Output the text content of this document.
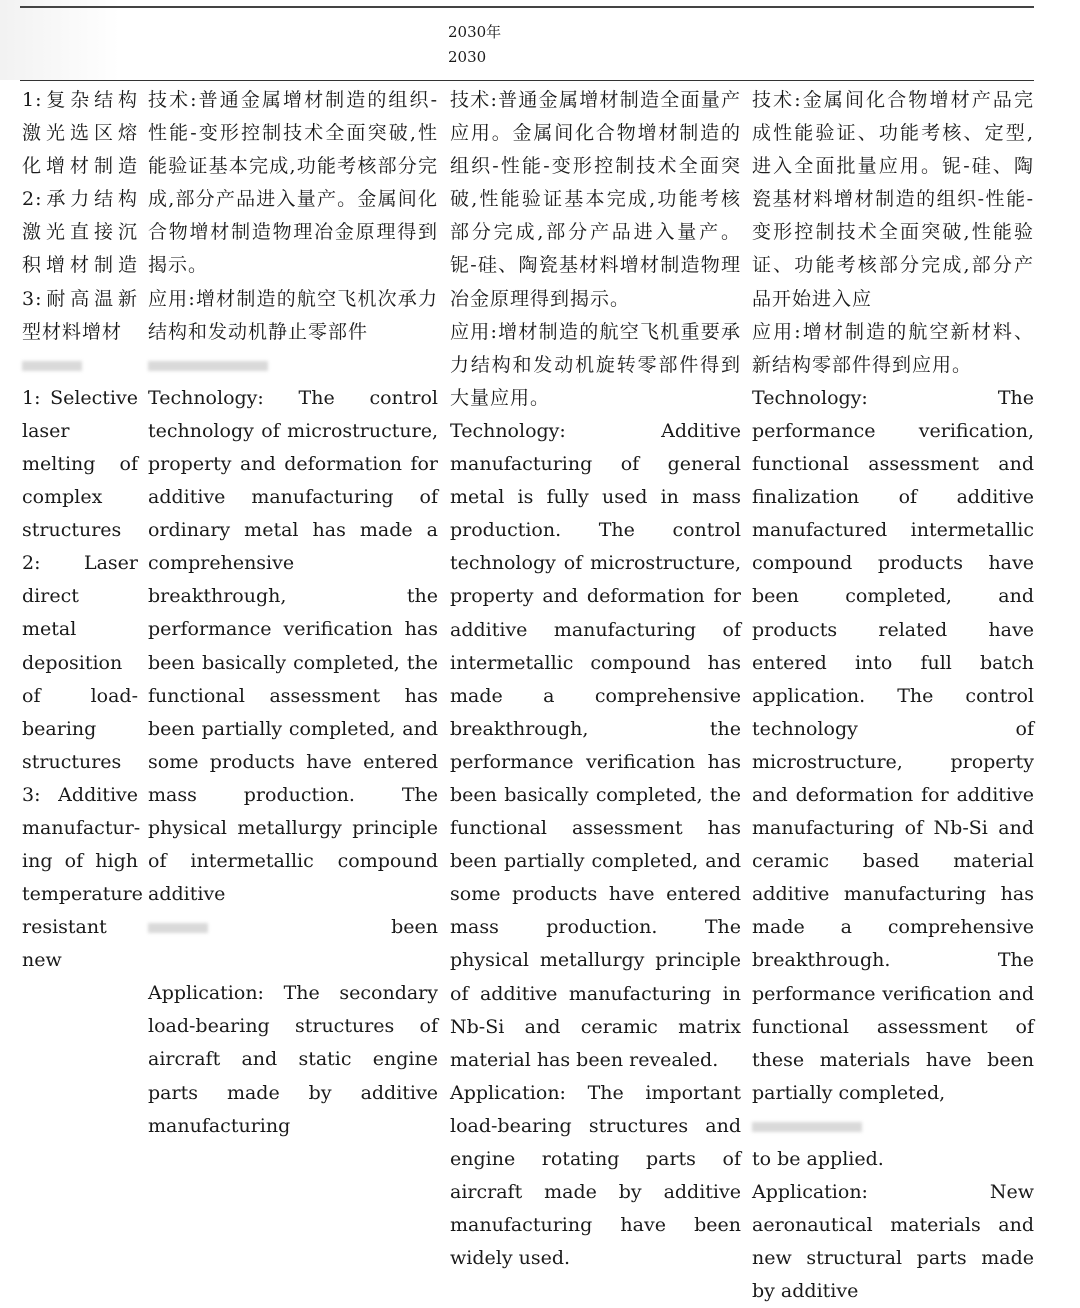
2030年
2030

1:复杂结构激光选区熔化增材制造 2:承力结构激光直接沉积增材制造 3:耐高温新型材料增材

1: Selective laser melting of complex structures 2: Laser direct metal deposition of load-bearing structures 3: Additive manufactur-ing of high temperature resistant new

技术:普通金属增材制造的组织-性能-变形控制技术全面突破,性能验证基本完成,功能考核部分完成,部分产品进入量产。金属间化合物增材制造物理冶金原理得到揭示。

应用:增材制造的航空飞机次承力结构和发动机静止零部件

Technology: The control technology of microstructure, property and deformation for additive manufacturing of ordinary metal has made a comprehensive breakthrough, the performance verification has been basically completed, the functional assessment has been partially completed, and some products have entered mass production. The physical metallurgy principle of intermetallic compound additive

been

Application: The secondary load-bearing structures of aircraft and static engine parts made by additive manufacturing

技术:普通金属增材制造全面量产应用。金属间化合物增材制造的组织-性能-变形控制技术全面突破,性能验证基本完成,功能考核部分完成,部分产品进入量产。铌-硅、陶瓷基材料增材制造物理冶金原理得到揭示。

应用:增材制造的航空飞机重要承力结构和发动机旋转零部件得到大量应用。

Technology: Additive manufacturing of general metal is fully used in mass production. The control technology of microstructure, property and deformation for additive manufacturing of intermetallic compound has made a comprehensive breakthrough, the performance verification has been basically completed, the functional assessment has been partially completed, and some products have entered mass production. The physical metallurgy principle of additive manufacturing in Nb-Si and ceramic matrix material has been revealed.

Application: The important load-bearing structures and engine rotating parts of aircraft made by additive manufacturing have been widely used.

技术:金属间化合物增材产品完成性能验证、功能考核、定型,进入全面批量应用。铌-硅、陶瓷基材料增材制造的组织-性能-变形控制技术全面突破,性能验证、功能考核部分完成,部分产品开始进入应

应用:增材制造的航空新材料、新结构零部件得到应用。

Technology: The performance verification, functional assessment and finalization of additive manufactured intermetallic compound products have been completed, and products related have entered into full batch application. The control technology of microstructure, property and deformation for additive manufacturing of Nb-Si and ceramic based material additive manufacturing has made a comprehensive breakthrough. The performance verification and functional assessment of these materials have been partially completed,

to be applied.

Application: New aeronautical materials and new structural parts made by additive
